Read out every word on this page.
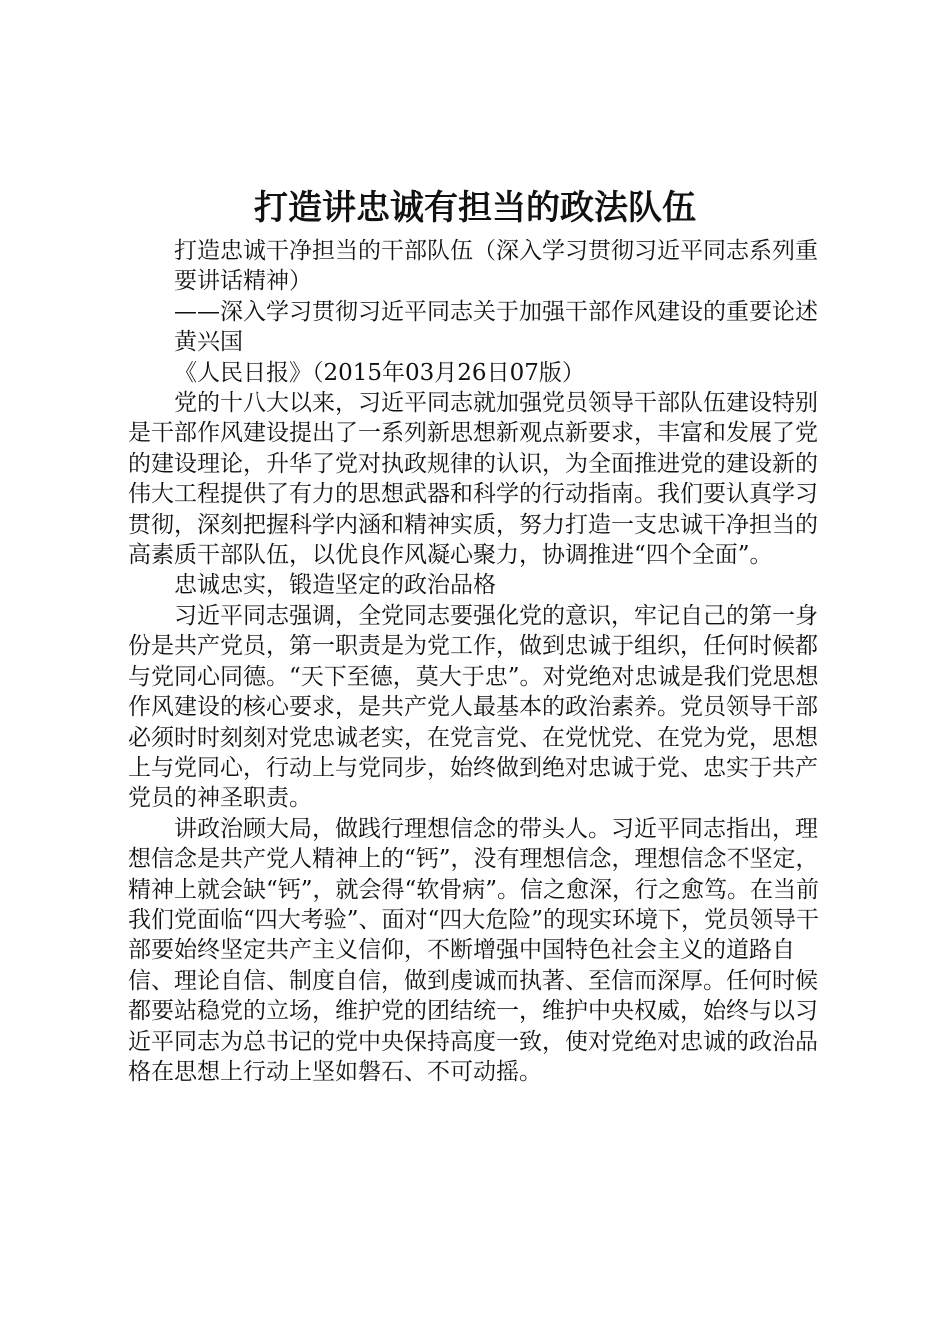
打造讲忠诚有担当的政法队伍

打造忠诚干净担当的干部队伍（深入学习贯彻习近平同志系列重要讲话精神）

——深入学习贯彻习近平同志关于加强干部作风建设的重要论述

黄兴国

《人民日报》（2015年03月26日07版）

党的十八大以来，习近平同志就加强党员领导干部队伍建设特别是干部作风建设提出了一系列新思想新观点新要求，丰富和发展了党的建设理论，升华了党对执政规律的认识，为全面推进党的建设新的伟大工程提供了有力的思想武器和科学的行动指南。我们要认真学习贯彻，深刻把握科学内涵和精神实质，努力打造一支忠诚干净担当的高素质干部队伍，以优良作风凝心聚力，协调推进“四个全面”。

忠诚忠实，锻造坚定的政治品格

习近平同志强调，全党同志要强化党的意识，牢记自己的第一身份是共产党员，第一职责是为党工作，做到忠诚于组织，任何时候都与党同心同德。“天下至德，莫大于忠”。对党绝对忠诚是我们党思想作风建设的核心要求，是共产党人最基本的政治素养。党员领导干部必须时时刻刻对党忠诚老实，在党言党、在党忧党、在党为党，思想上与党同心，行动上与党同步，始终做到绝对忠诚于党、忠实于共产党员的神圣职责。

讲政治顾大局，做践行理想信念的带头人。习近平同志指出，理想信念是共产党人精神上的“钙”，没有理想信念，理想信念不坚定，精神上就会缺“钙”，就会得“软骨病”。信之愈深，行之愈笃。在当前我们党面临“四大考验”、面对“四大危险”的现实环境下，党员领导干部要始终坚定共产主义信仰，不断增强中国特色社会主义的道路自信、理论自信、制度自信，做到虔诚而执著、至信而深厚。任何时候都要站稳党的立场，维护党的团结统一，维护中央权威，始终与以习近平同志为总书记的党中央保持高度一致，使对党绝对忠诚的政治品格在思想上行动上坚如磐石、不可动摇。
